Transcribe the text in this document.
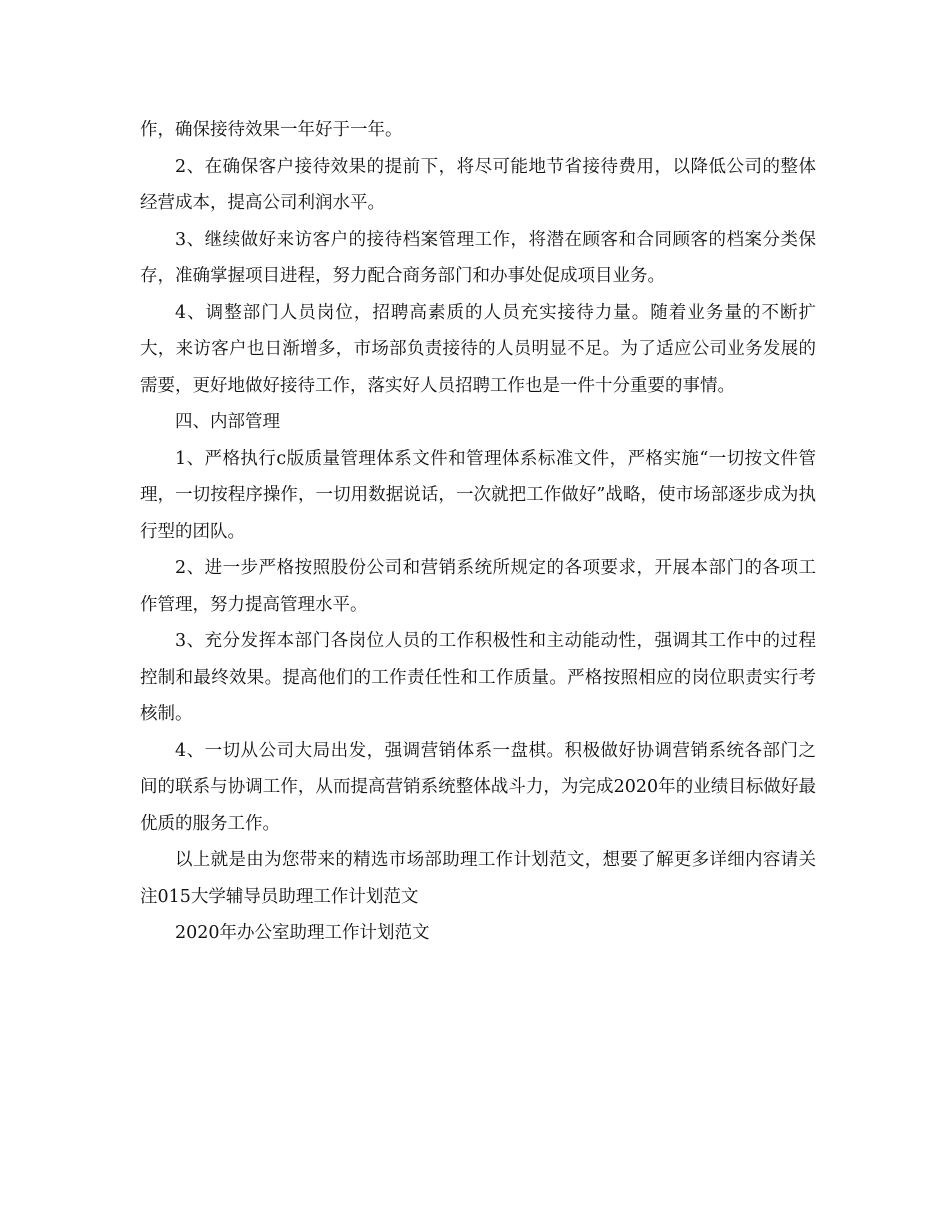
作，确保接待效果一年好于一年。

2、在确保客户接待效果的提前下，将尽可能地节省接待费用，以降低公司的整体经营成本，提高公司利润水平。

3、继续做好来访客户的接待档案管理工作，将潜在顾客和合同顾客的档案分类保存，准确掌握项目进程，努力配合商务部门和办事处促成项目业务。

4、调整部门人员岗位，招聘高素质的人员充实接待力量。随着业务量的不断扩大，来访客户也日渐增多，市场部负责接待的人员明显不足。为了适应公司业务发展的需要，更好地做好接待工作，落实好人员招聘工作也是一件十分重要的事情。

四、内部管理

1、严格执行c版质量管理体系文件和管理体系标准文件，严格实施“一切按文件管理，一切按程序操作，一切用数据说话，一次就把工作做好”战略，使市场部逐步成为执行型的团队。

2、进一步严格按照股份公司和营销系统所规定的各项要求，开展本部门的各项工作管理，努力提高管理水平。

3、充分发挥本部门各岗位人员的工作积极性和主动能动性，强调其工作中的过程控制和最终效果。提高他们的工作责任性和工作质量。严格按照相应的岗位职责实行考核制。

4、一切从公司大局出发，强调营销体系一盘棋。积极做好协调营销系统各部门之间的联系与协调工作，从而提高营销系统整体战斗力，为完成2020年的业绩目标做好最优质的服务工作。

以上就是由为您带来的精选市场部助理工作计划范文，想要了解更多详细内容请关注015大学辅导员助理工作计划范文

2020年办公室助理工作计划范文
